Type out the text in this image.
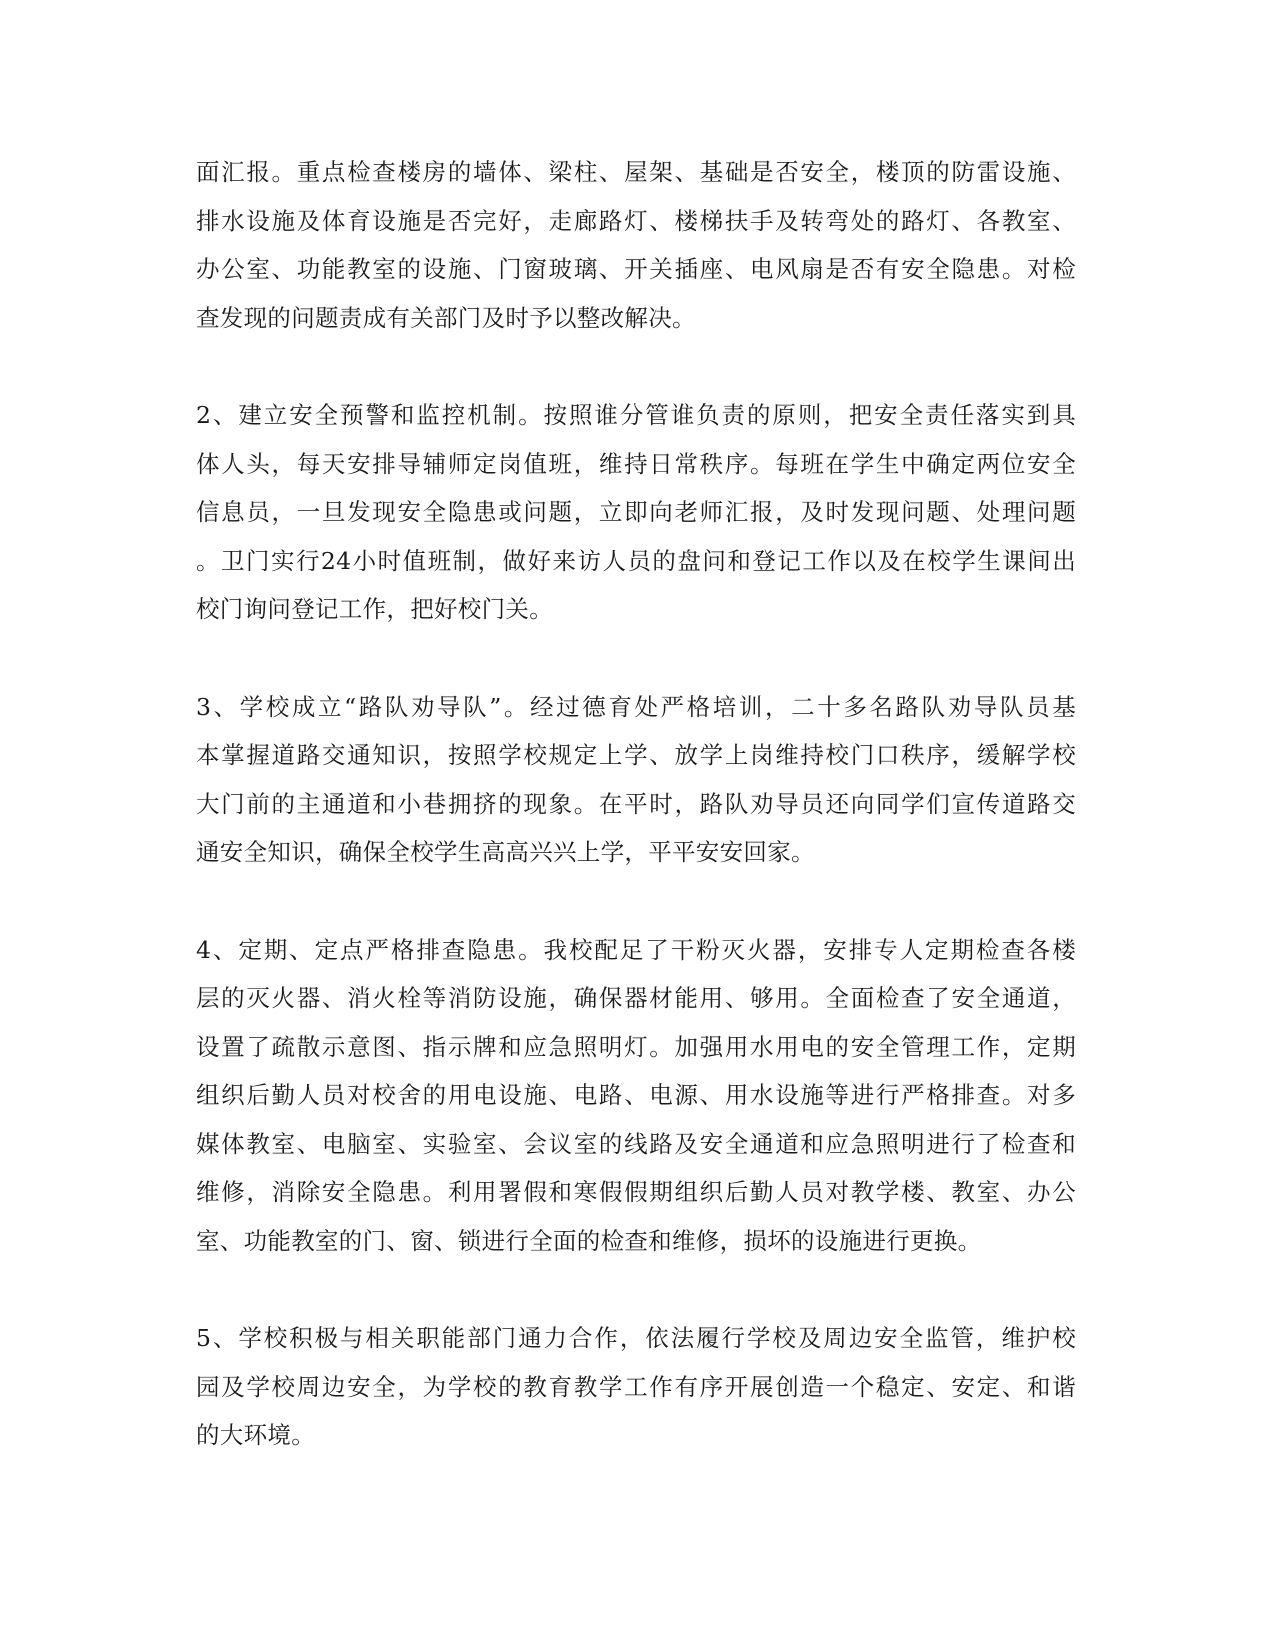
面汇报。重点检查楼房的墙体、梁柱、屋架、基础是否安全，楼顶的防雷设施、
排水设施及体育设施是否完好，走廊路灯、楼梯扶手及转弯处的路灯、各教室、
办公室、功能教室的设施、门窗玻璃、开关插座、电风扇是否有安全隐患。对检
查发现的问题责成有关部门及时予以整改解决。

2、建立安全预警和监控机制。按照谁分管谁负责的原则，把安全责任落实到具
体人头，每天安排导辅师定岗值班，维持日常秩序。每班在学生中确定两位安全
信息员，一旦发现安全隐患或问题，立即向老师汇报，及时发现问题、处理问题
。卫门实行24小时值班制，做好来访人员的盘问和登记工作以及在校学生课间出
校门询问登记工作，把好校门关。

3、学校成立“路队劝导队”。经过德育处严格培训，二十多名路队劝导队员基
本掌握道路交通知识，按照学校规定上学、放学上岗维持校门口秩序，缓解学校
大门前的主通道和小巷拥挤的现象。在平时，路队劝导员还向同学们宣传道路交
通安全知识，确保全校学生高高兴兴上学，平平安安回家。

4、定期、定点严格排查隐患。我校配足了干粉灭火器，安排专人定期检查各楼
层的灭火器、消火栓等消防设施，确保器材能用、够用。全面检查了安全通道，
设置了疏散示意图、指示牌和应急照明灯。加强用水用电的安全管理工作，定期
组织后勤人员对校舍的用电设施、电路、电源、用水设施等进行严格排查。对多
媒体教室、电脑室、实验室、会议室的线路及安全通道和应急照明进行了检查和
维修，消除安全隐患。利用署假和寒假假期组织后勤人员对教学楼、教室、办公
室、功能教室的门、窗、锁进行全面的检查和维修，损坏的设施进行更换。

5、学校积极与相关职能部门通力合作，依法履行学校及周边安全监管，维护校
园及学校周边安全，为学校的教育教学工作有序开展创造一个稳定、安定、和谐
的大环境。
